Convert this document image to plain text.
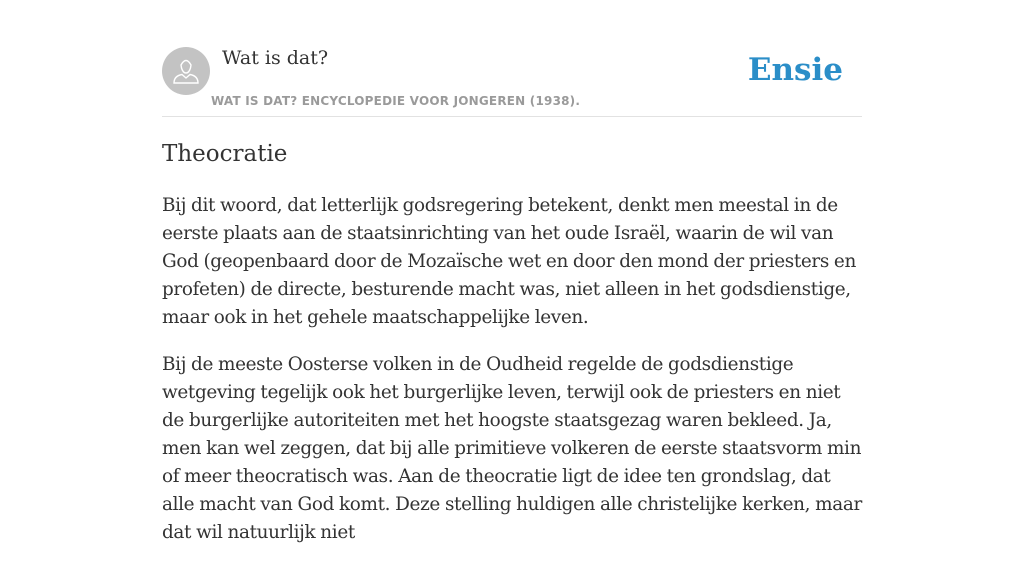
Wat is dat?
WAT IS DAT? ENCYCLOPEDIE VOOR JONGEREN (1938).
Ensie
Theocratie

Bij dit woord, dat letterlijk godsregering betekent, denkt men meestal in de eerste plaats aan de staatsinrichting van het oude Israël, waarin de wil van God (geopenbaard door de Mozaïsche wet en door den mond der priesters en profeten) de directe, besturende macht was, niet alleen in het godsdienstige, maar ook in het gehele maatschappelijke leven.

Bij de meeste Oosterse volken in de Oudheid regelde de godsdienstige wetgeving tegelijk ook het burgerlijke leven, terwijl ook de priesters en niet de burgerlijke autoriteiten met het hoogste staatsgezag waren bekleed. Ja, men kan wel zeggen, dat bij alle primitieve volkeren de eerste staatsvorm min of meer theocratisch was. Aan de theocratie ligt de idee ten grondslag, dat alle macht van God komt. Deze stelling huldigen alle christelijke kerken, maar dat wil natuurlijk niet
